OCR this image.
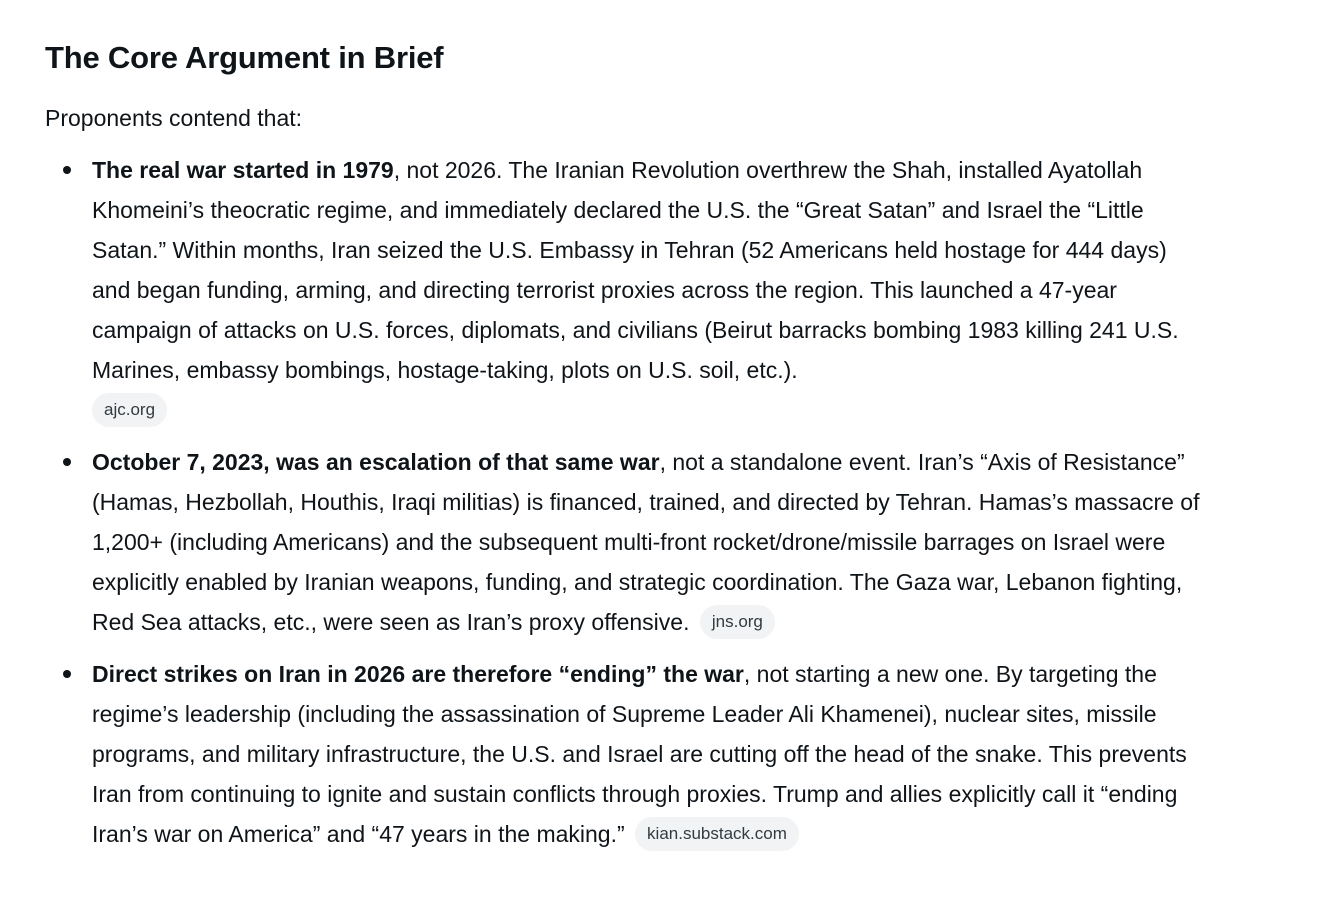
The Core Argument in Brief

Proponents contend that:

The real war started in 1979, not 2026. The Iranian Revolution overthrew the Shah, installed Ayatollah Khomeini’s theocratic regime, and immediately declared the U.S. the “Great Satan” and Israel the “Little Satan.” Within months, Iran seized the U.S. Embassy in Tehran (52 Americans held hostage for 444 days) and began funding, arming, and directing terrorist proxies across the region. This launched a 47-year campaign of attacks on U.S. forces, diplomats, and civilians (Beirut barracks bombing 1983 killing 241 U.S. Marines, embassy bombings, hostage-taking, plots on U.S. soil, etc.).
ajc.org
October 7, 2023, was an escalation of that same war, not a standalone event. Iran’s “Axis of Resistance” (Hamas, Hezbollah, Houthis, Iraqi militias) is financed, trained, and directed by Tehran. Hamas’s massacre of 1,200+ (including Americans) and the subsequent multi-front rocket/drone/missile barrages on Israel were explicitly enabled by Iranian weapons, funding, and strategic coordination. The Gaza war, Lebanon fighting, Red Sea attacks, etc., were seen as Iran’s proxy offensive. jns.org
Direct strikes on Iran in 2026 are therefore “ending” the war, not starting a new one. By targeting the regime’s leadership (including the assassination of Supreme Leader Ali Khamenei), nuclear sites, missile programs, and military infrastructure, the U.S. and Israel are cutting off the head of the snake. This prevents Iran from continuing to ignite and sustain conflicts through proxies. Trump and allies explicitly call it “ending Iran’s war on America” and “47 years in the making.” kian.substack.com
